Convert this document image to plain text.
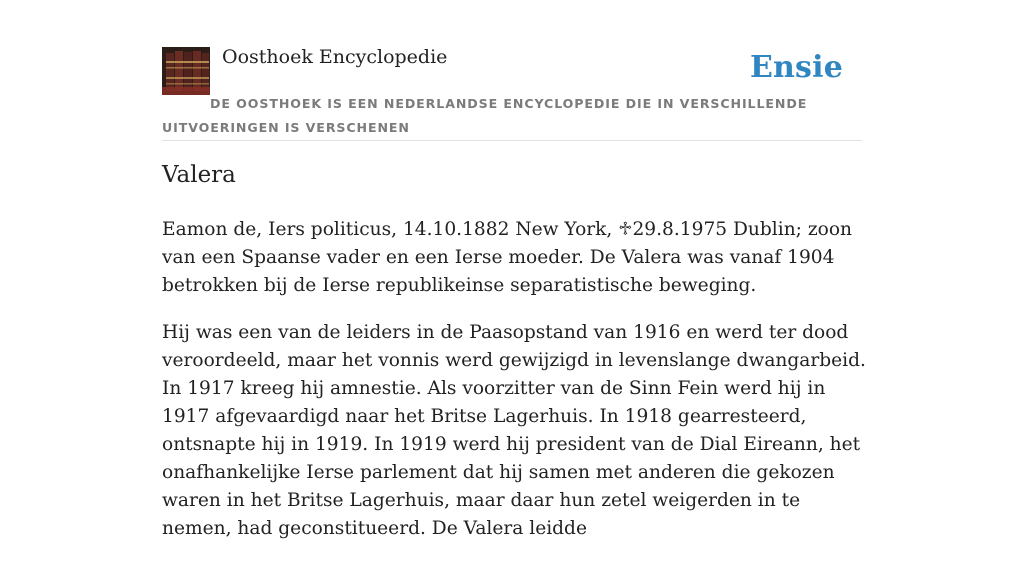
Oosthoek Encyclopedie	Ensie
DE OOSTHOEK IS EEN NEDERLANDSE ENCYCLOPEDIE DIE IN VERSCHILLENDE UITVOERINGEN IS VERSCHENEN
Valera

Eamon de, Iers politicus, 14.10.1882 New York, ♱29.8.1975 Dublin; zoon van een Spaanse vader en een Ierse moeder. De Valera was vanaf 1904 betrokken bij de Ierse republikeinse separatistische beweging.

Hij was een van de leiders in de Paasopstand van 1916 en werd ter dood veroordeeld, maar het vonnis werd gewijzigd in levenslange dwangarbeid. In 1917 kreeg hij amnestie. Als voorzitter van de Sinn Fein werd hij in 1917 afgevaardigd naar het Britse Lagerhuis. In 1918 gearresteerd, ontsnapte hij in 1919. In 1919 werd hij president van de Dial Eireann, het onafhankelijke Ierse parlement dat hij samen met anderen die gekozen waren in het Britse Lagerhuis, maar daar hun zetel weigerden in te nemen, had geconstitueerd. De Valera leidde
